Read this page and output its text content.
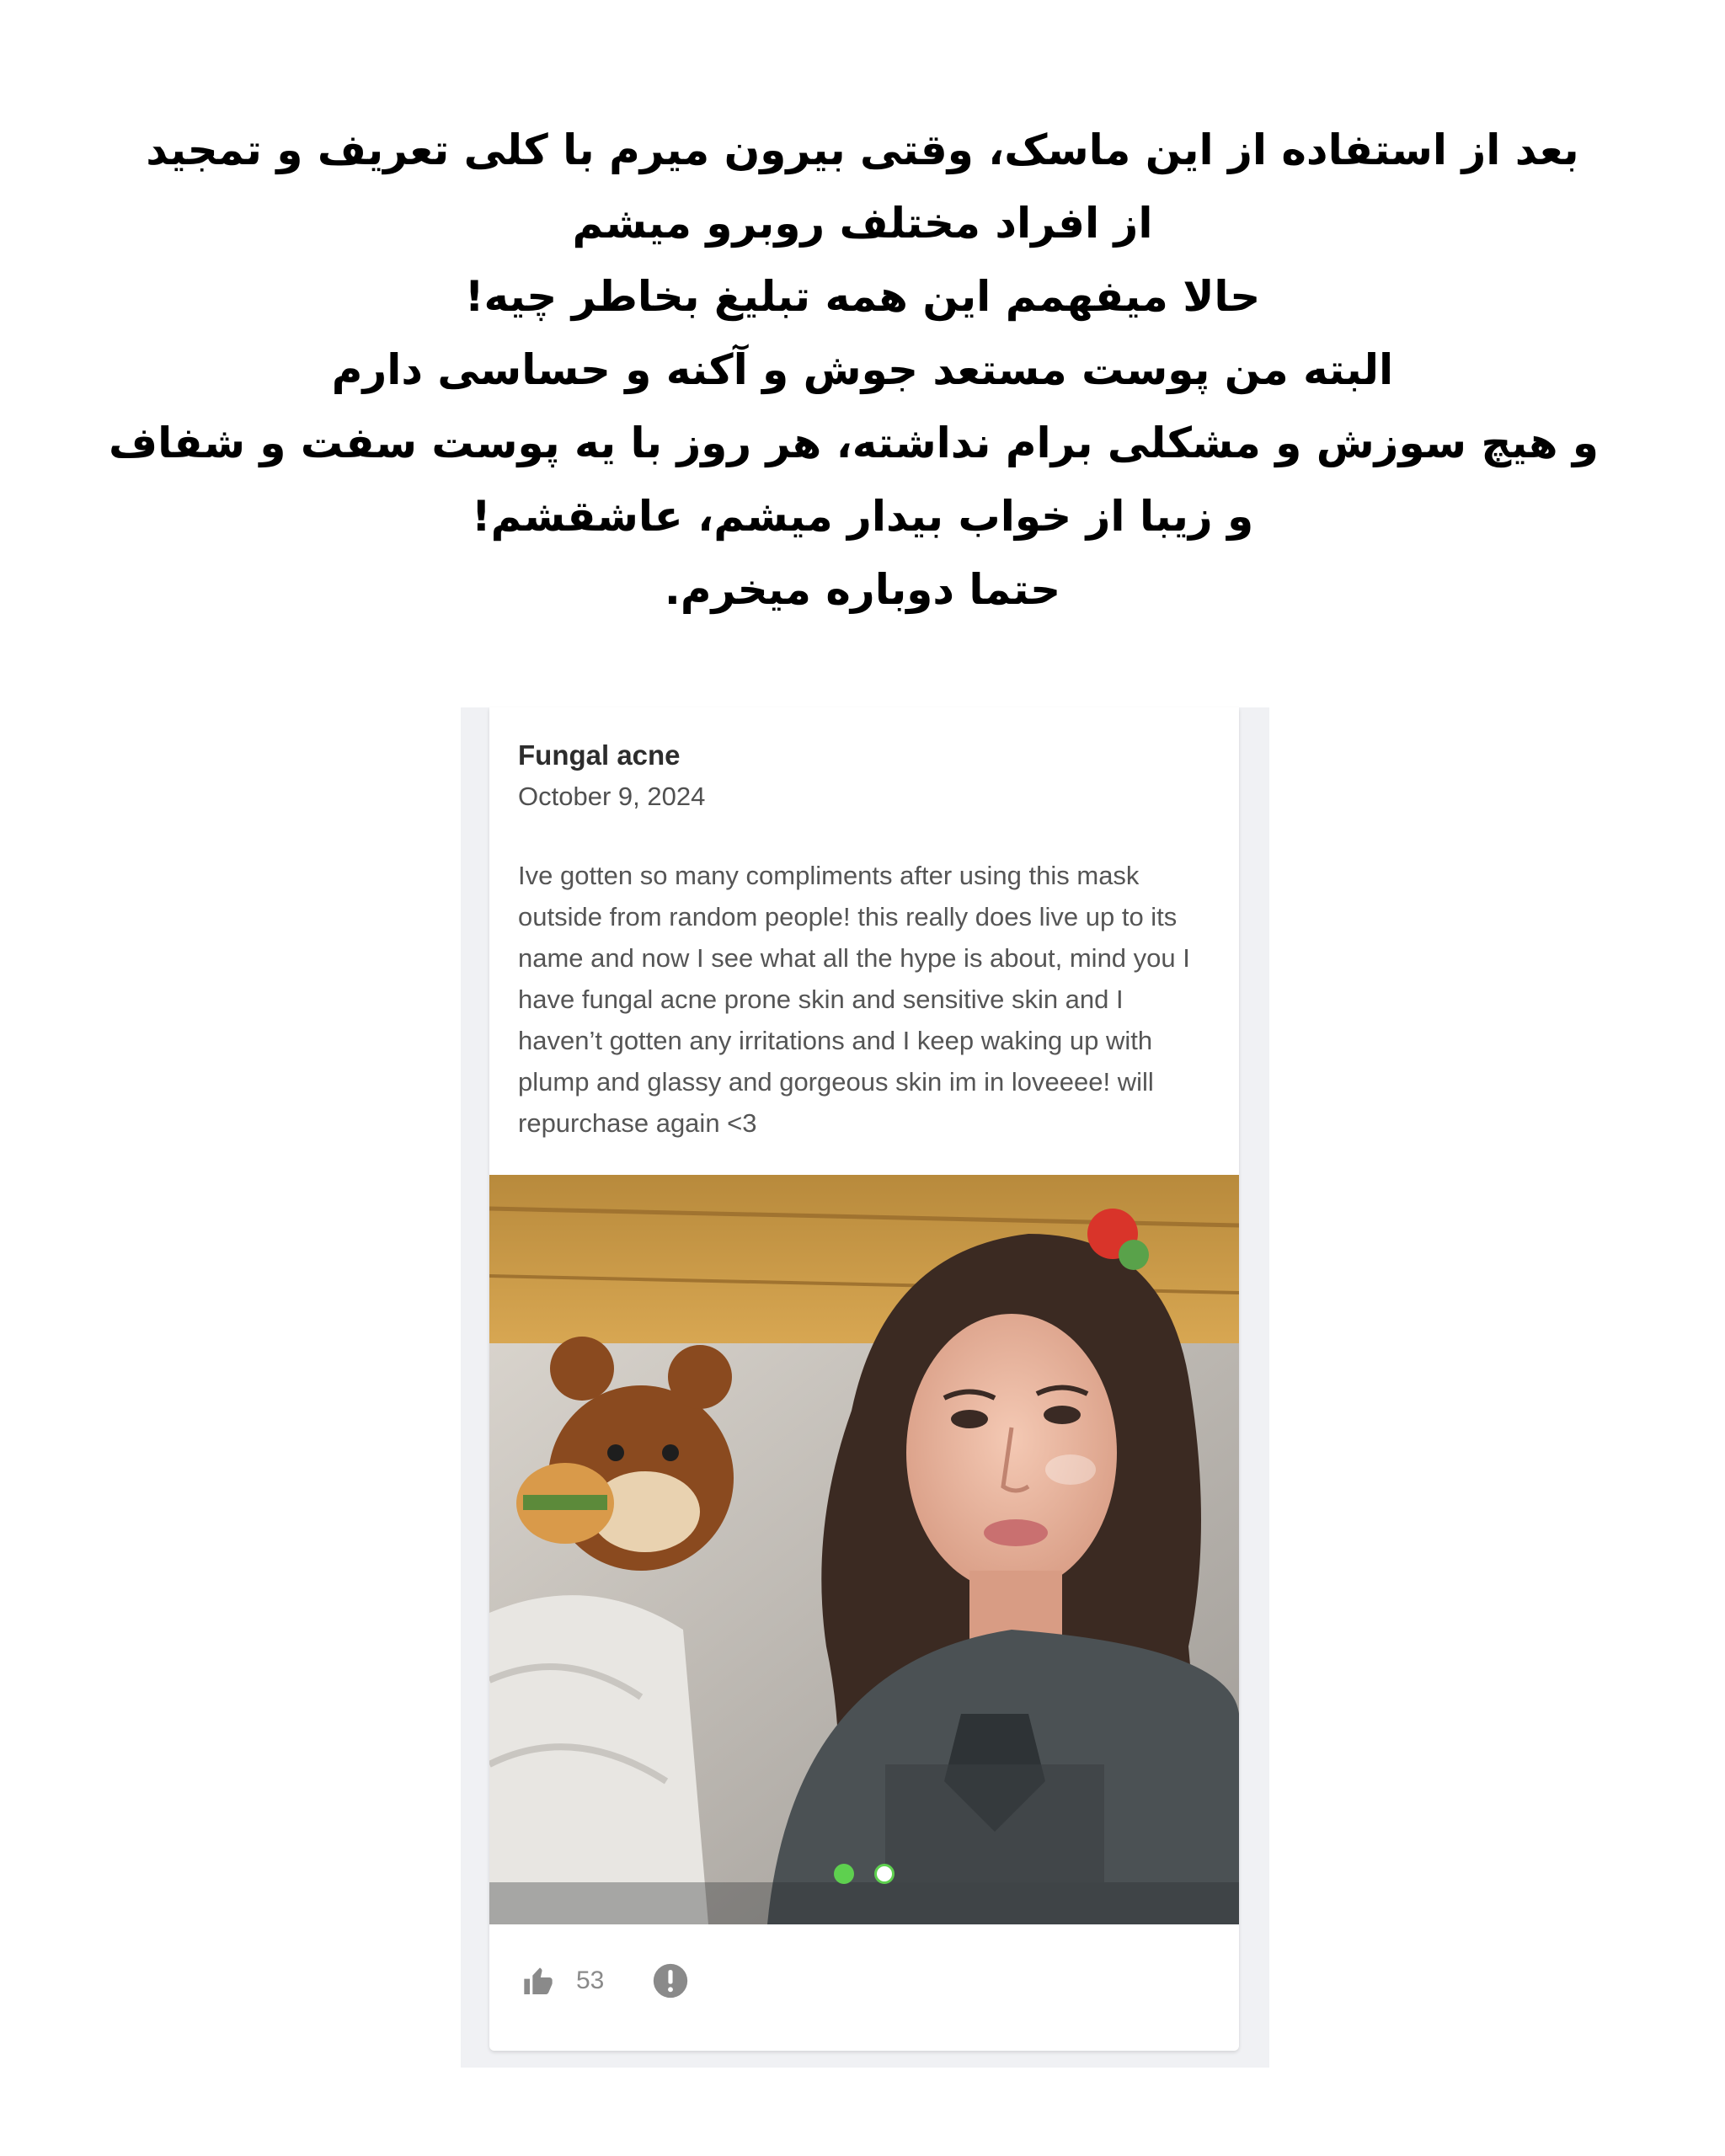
بعد از استفاده از این ماسک، وقتی بیرون میرم با کلی تعریف و تمجید
از افراد مختلف روبرو میشم
حالا میفهمم این همه تبلیغ بخاطر چیه!
البته من پوست مستعد جوش و آکنه و حساسی دارم
و هیچ سوزش و مشکلی برام نداشته، هر روز با یه پوست سفت و شفاف
و زیبا از خواب بیدار میشم، عاشقشم!
حتما دوباره میخرم.
Fungal acne
October 9, 2024
Ive gotten so many compliments after using this mask
outside from random people! this really does live up to its
name and now I see what all the hype is about, mind you I
have fungal acne prone skin and sensitive skin and I
haven’t gotten any irritations and I keep waking up with
plump and glassy and gorgeous skin im in loveeee! will
repurchase again <3
53
